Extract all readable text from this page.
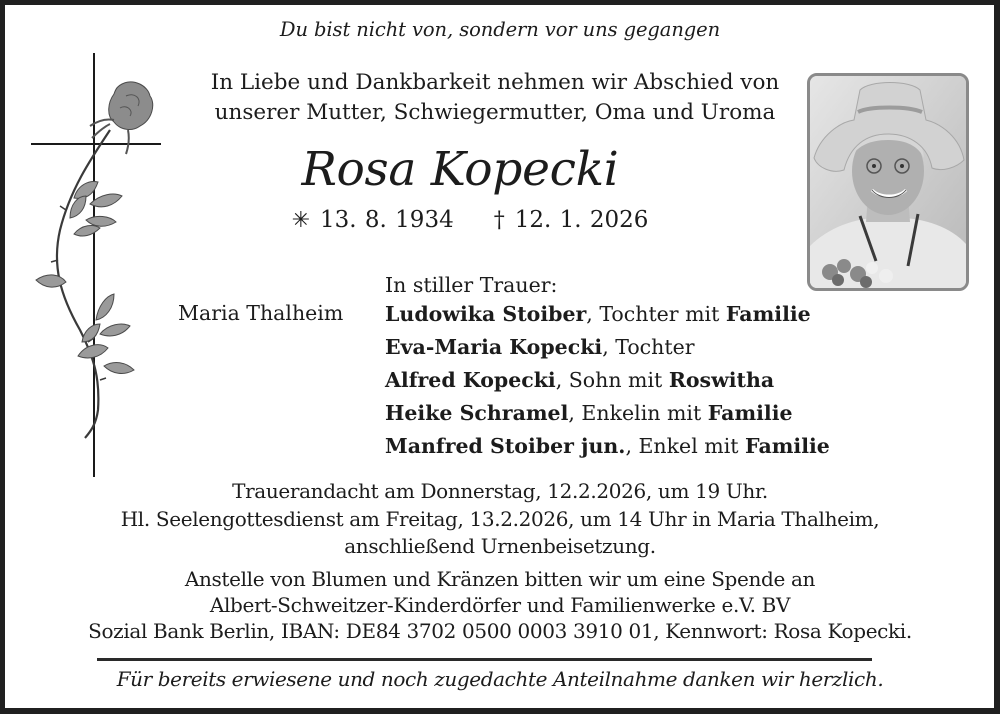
Du bist nicht von, sondern vor uns gegangen
In Liebe und Dankbarkeit nehmen wir Abschied von
unserer Mutter, Schwiegermutter, Oma und Uroma
Rosa Kopecki
✳ 13. 8. 1934 † 12. 1. 2026
In stiller Trauer:
Maria Thalheim Ludowika Stoiber, Tochter mit Familie
Eva-Maria Kopecki, Tochter
Alfred Kopecki, Sohn mit Roswitha
Heike Schramel, Enkelin mit Familie
Manfred Stoiber jun., Enkel mit Familie
Trauerandacht am Donnerstag, 12.2.2026, um 19 Uhr.
Hl. Seelengottesdienst am Freitag, 13.2.2026, um 14 Uhr in Maria Thalheim,
anschließend Urnenbeisetzung.
Anstelle von Blumen und Kränzen bitten wir um eine Spende an
Albert-Schweitzer-Kinderdörfer und Familienwerke e.V. BV
Sozial Bank Berlin, IBAN: DE84 3702 0500 0003 3910 01, Kennwort: Rosa Kopecki.
Für bereits erwiesene und noch zugedachte Anteilnahme danken wir herzlich.
